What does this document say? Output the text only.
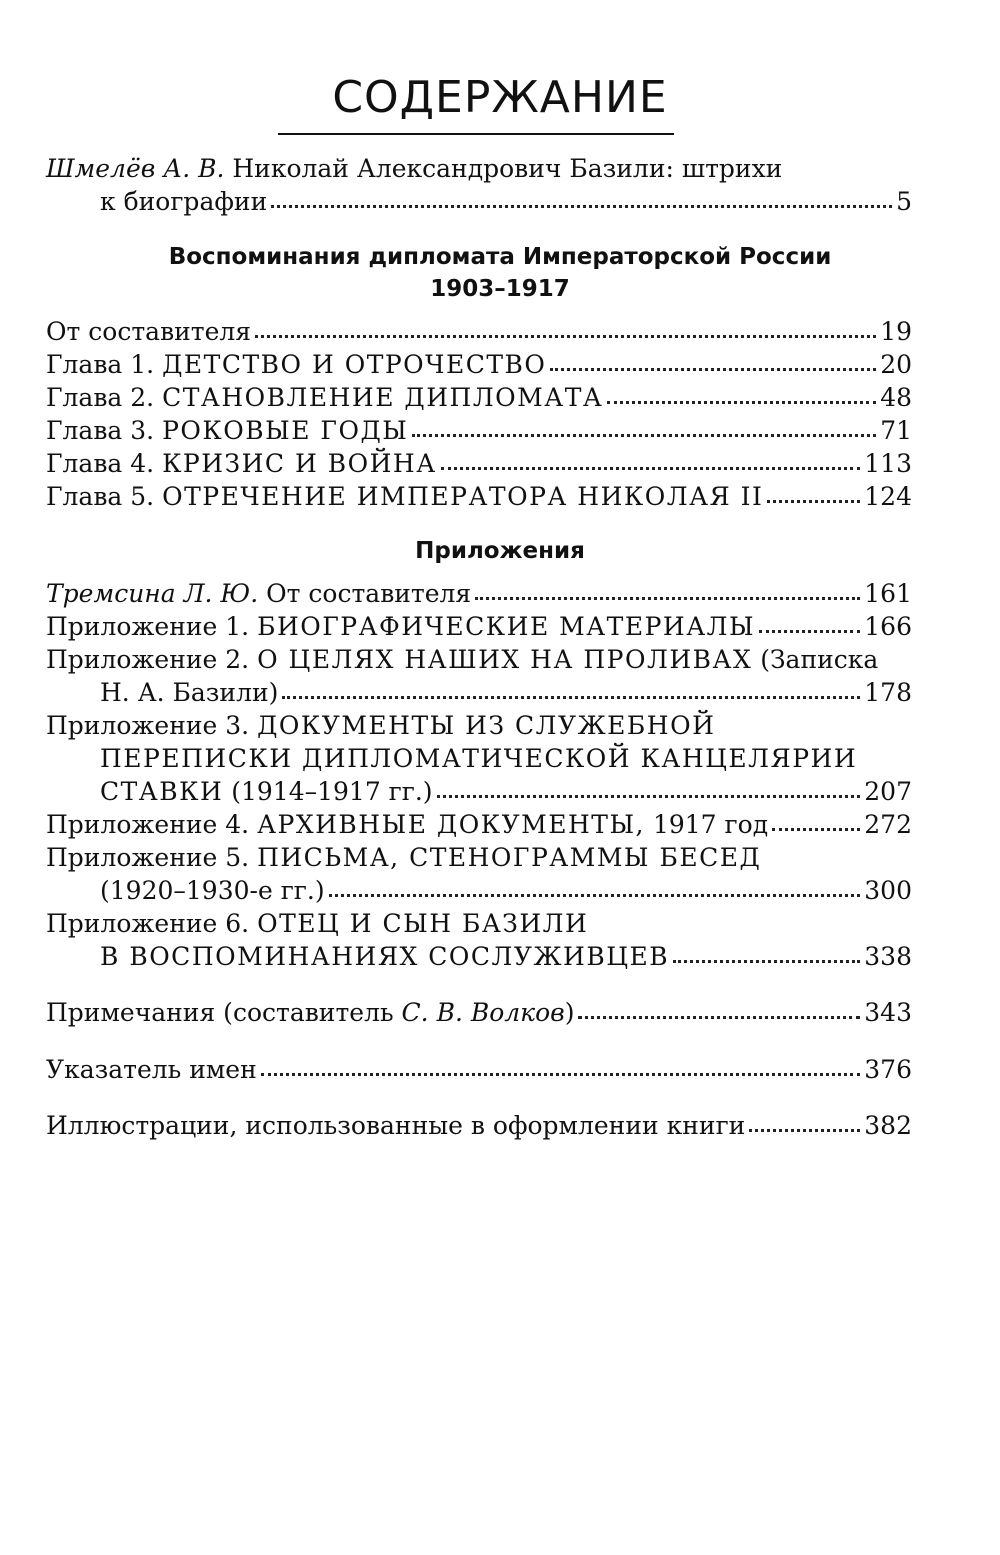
СОДЕРЖАНИЕ
Шмелёв А. В.
Николай Александрович Базили: штрихи
к биографии	5
Воспоминания дипломата Императорской России
1903–1917
От составителя	19
Глава 1.
ДЕТСТВО И ОТРОЧЕСТВО	20
Глава 2.
СТАНОВЛЕНИЕ ДИПЛОМАТА	48
Глава 3.
РОКОВЫЕ ГОДЫ	71
Глава 4.
КРИЗИС И ВОЙНА	113
Глава 5.
ОТРЕЧЕНИЕ ИМПЕРАТОРА НИКОЛАЯ II	124
Приложения
Тремсина Л. Ю.
От составителя	161
Приложение 1.
БИОГРАФИЧЕСКИЕ МАТЕРИАЛЫ	166
Приложение 2.
О ЦЕЛЯХ НАШИХ НА ПРОЛИВАХ
(Записка
Н. А. Базили)	178
Приложение 3.
ДОКУМЕНТЫ ИЗ СЛУЖЕБНОЙ
ПЕРЕПИСКИ ДИПЛОМАТИЧЕСКОЙ КАНЦЕЛЯРИИ
СТАВКИ
(1914–1917 гг.)	207
Приложение 4.
АРХИВНЫЕ ДОКУМЕНТЫ,
1917 год	272
Приложение 5.
ПИСЬМА, СТЕНОГРАММЫ БЕСЕД
(1920–1930-е гг.)	300
Приложение 6.
ОТЕЦ И СЫН БАЗИЛИ
В ВОСПОМИНАНИЯХ СОСЛУЖИВЦЕВ	338
Примечания (составитель
С. В. Волков )	343
Указатель имен	376
Иллюстрации, использованные в оформлении книги	382
